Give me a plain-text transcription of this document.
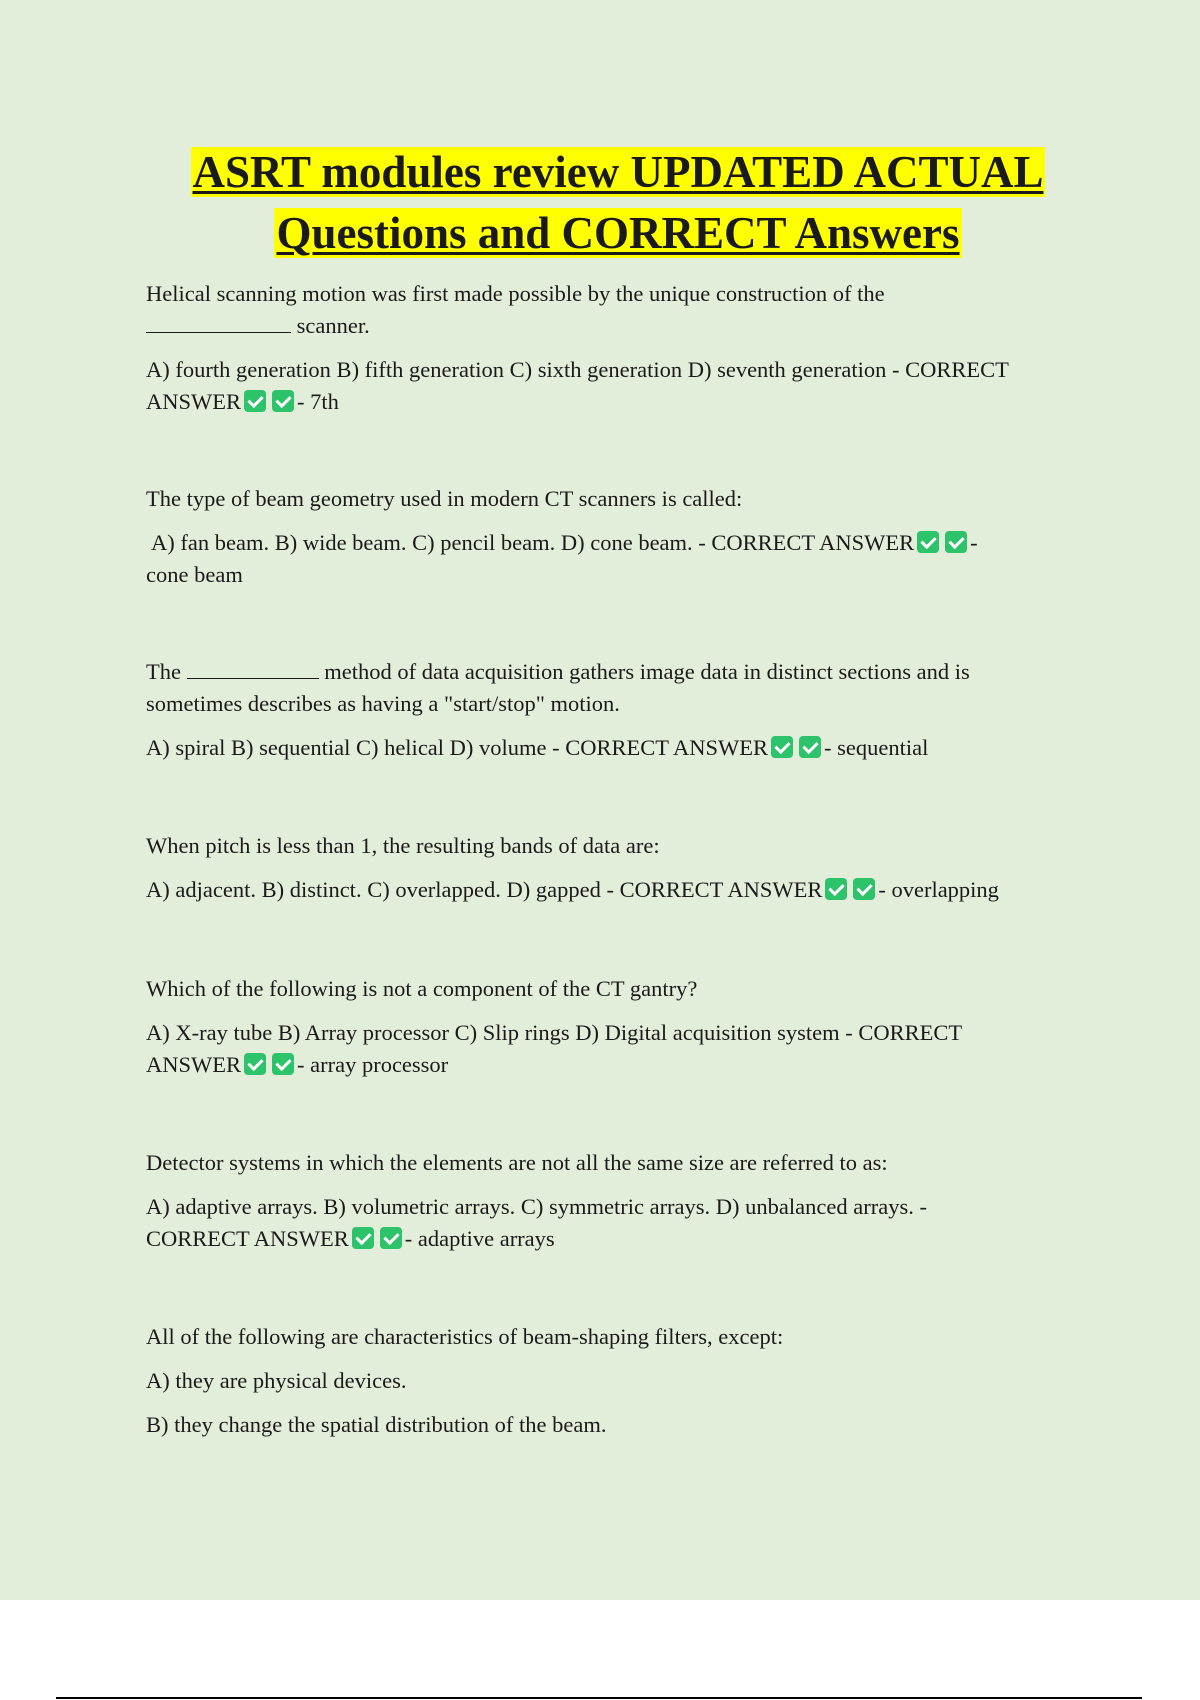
ASRT modules review UPDATED ACTUAL
Questions and CORRECT Answers

Helical scanning motion was first made possible by the unique construction of the
scanner.

A) fourth generation B) fifth generation C) sixth generation D) seventh generation - CORRECT
ANSWER - 7th

The type of beam geometry used in modern CT scanners is called:

A) fan beam. B) wide beam. C) pencil beam. D) cone beam. - CORRECT ANSWER -
cone beam

The	method of data acquisition gathers image data in distinct sections and is
sometimes describes as having a "start/stop" motion.

A) spiral B) sequential C) helical D) volume - CORRECT ANSWER - sequential

When pitch is less than 1, the resulting bands of data are:

A) adjacent. B) distinct. C) overlapped. D) gapped - CORRECT ANSWER - overlapping

Which of the following is not a component of the CT gantry?

A) X-ray tube B) Array processor C) Slip rings D) Digital acquisition system - CORRECT
ANSWER - array processor

Detector systems in which the elements are not all the same size are referred to as:

A) adaptive arrays. B) volumetric arrays. C) symmetric arrays. D) unbalanced arrays. -
CORRECT ANSWER - adaptive arrays

All of the following are characteristics of beam-shaping filters, except:

A) they are physical devices.

B) they change the spatial distribution of the beam.
